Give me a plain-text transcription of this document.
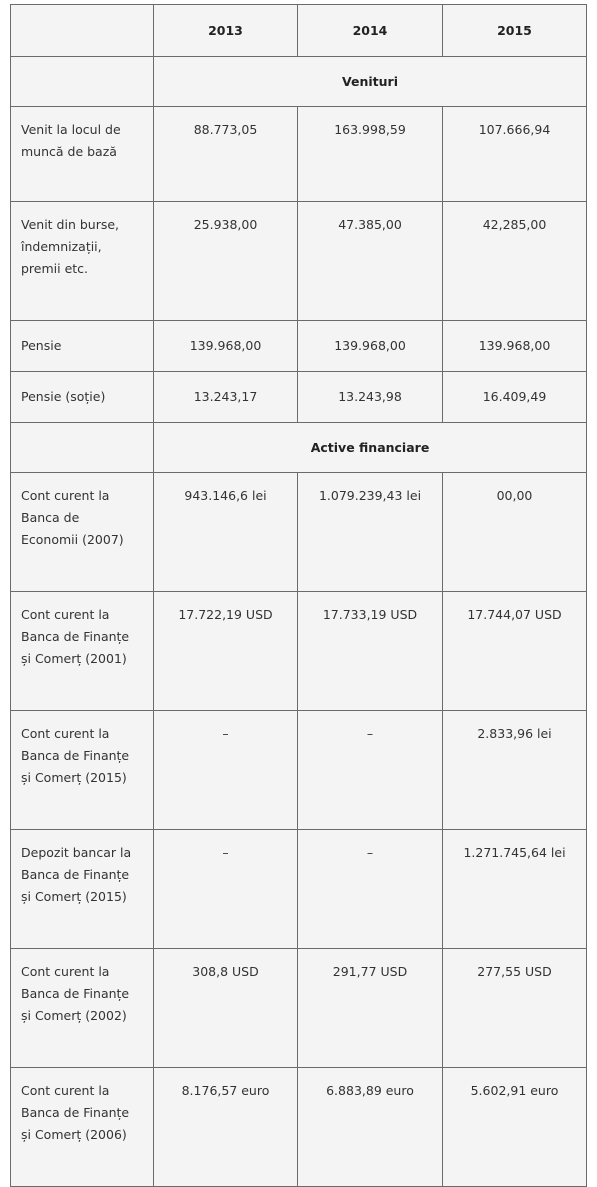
	2013	2014	2015
	Venituri		

Venit la locul de
muncă de bază	88.773,05	163.998,59	107.666,94

Venit din burse,
îndemnizații,
premii etc.	25.938,00	47.385,00	42,285,00
Pensie	139.968,00	139.968,00	139.968,00
Pensie (soție)	13.243,17	13.243,98	16.409,49
	Active financiare		

Cont curent la
Banca de
Economii (2007)	943.146,6 lei	1.079.239,43 lei	00,00

Cont curent la
Banca de Finanțe
și Comerț (2001)	17.722,19 USD	17.733,19 USD	17.744,07 USD

Cont curent la
Banca de Finanțe
și Comerț (2015)	–	–	2.833,96 lei

Depozit bancar la
Banca de Finanțe
și Comerț (2015)	–	–	1.271.745,64 lei

Cont curent la
Banca de Finanțe
și Comerț (2002)	308,8 USD	291,77 USD	277,55 USD

Cont curent la
Banca de Finanțe
și Comerț (2006)	8.176,57 euro	6.883,89 euro	5.602,91 euro
